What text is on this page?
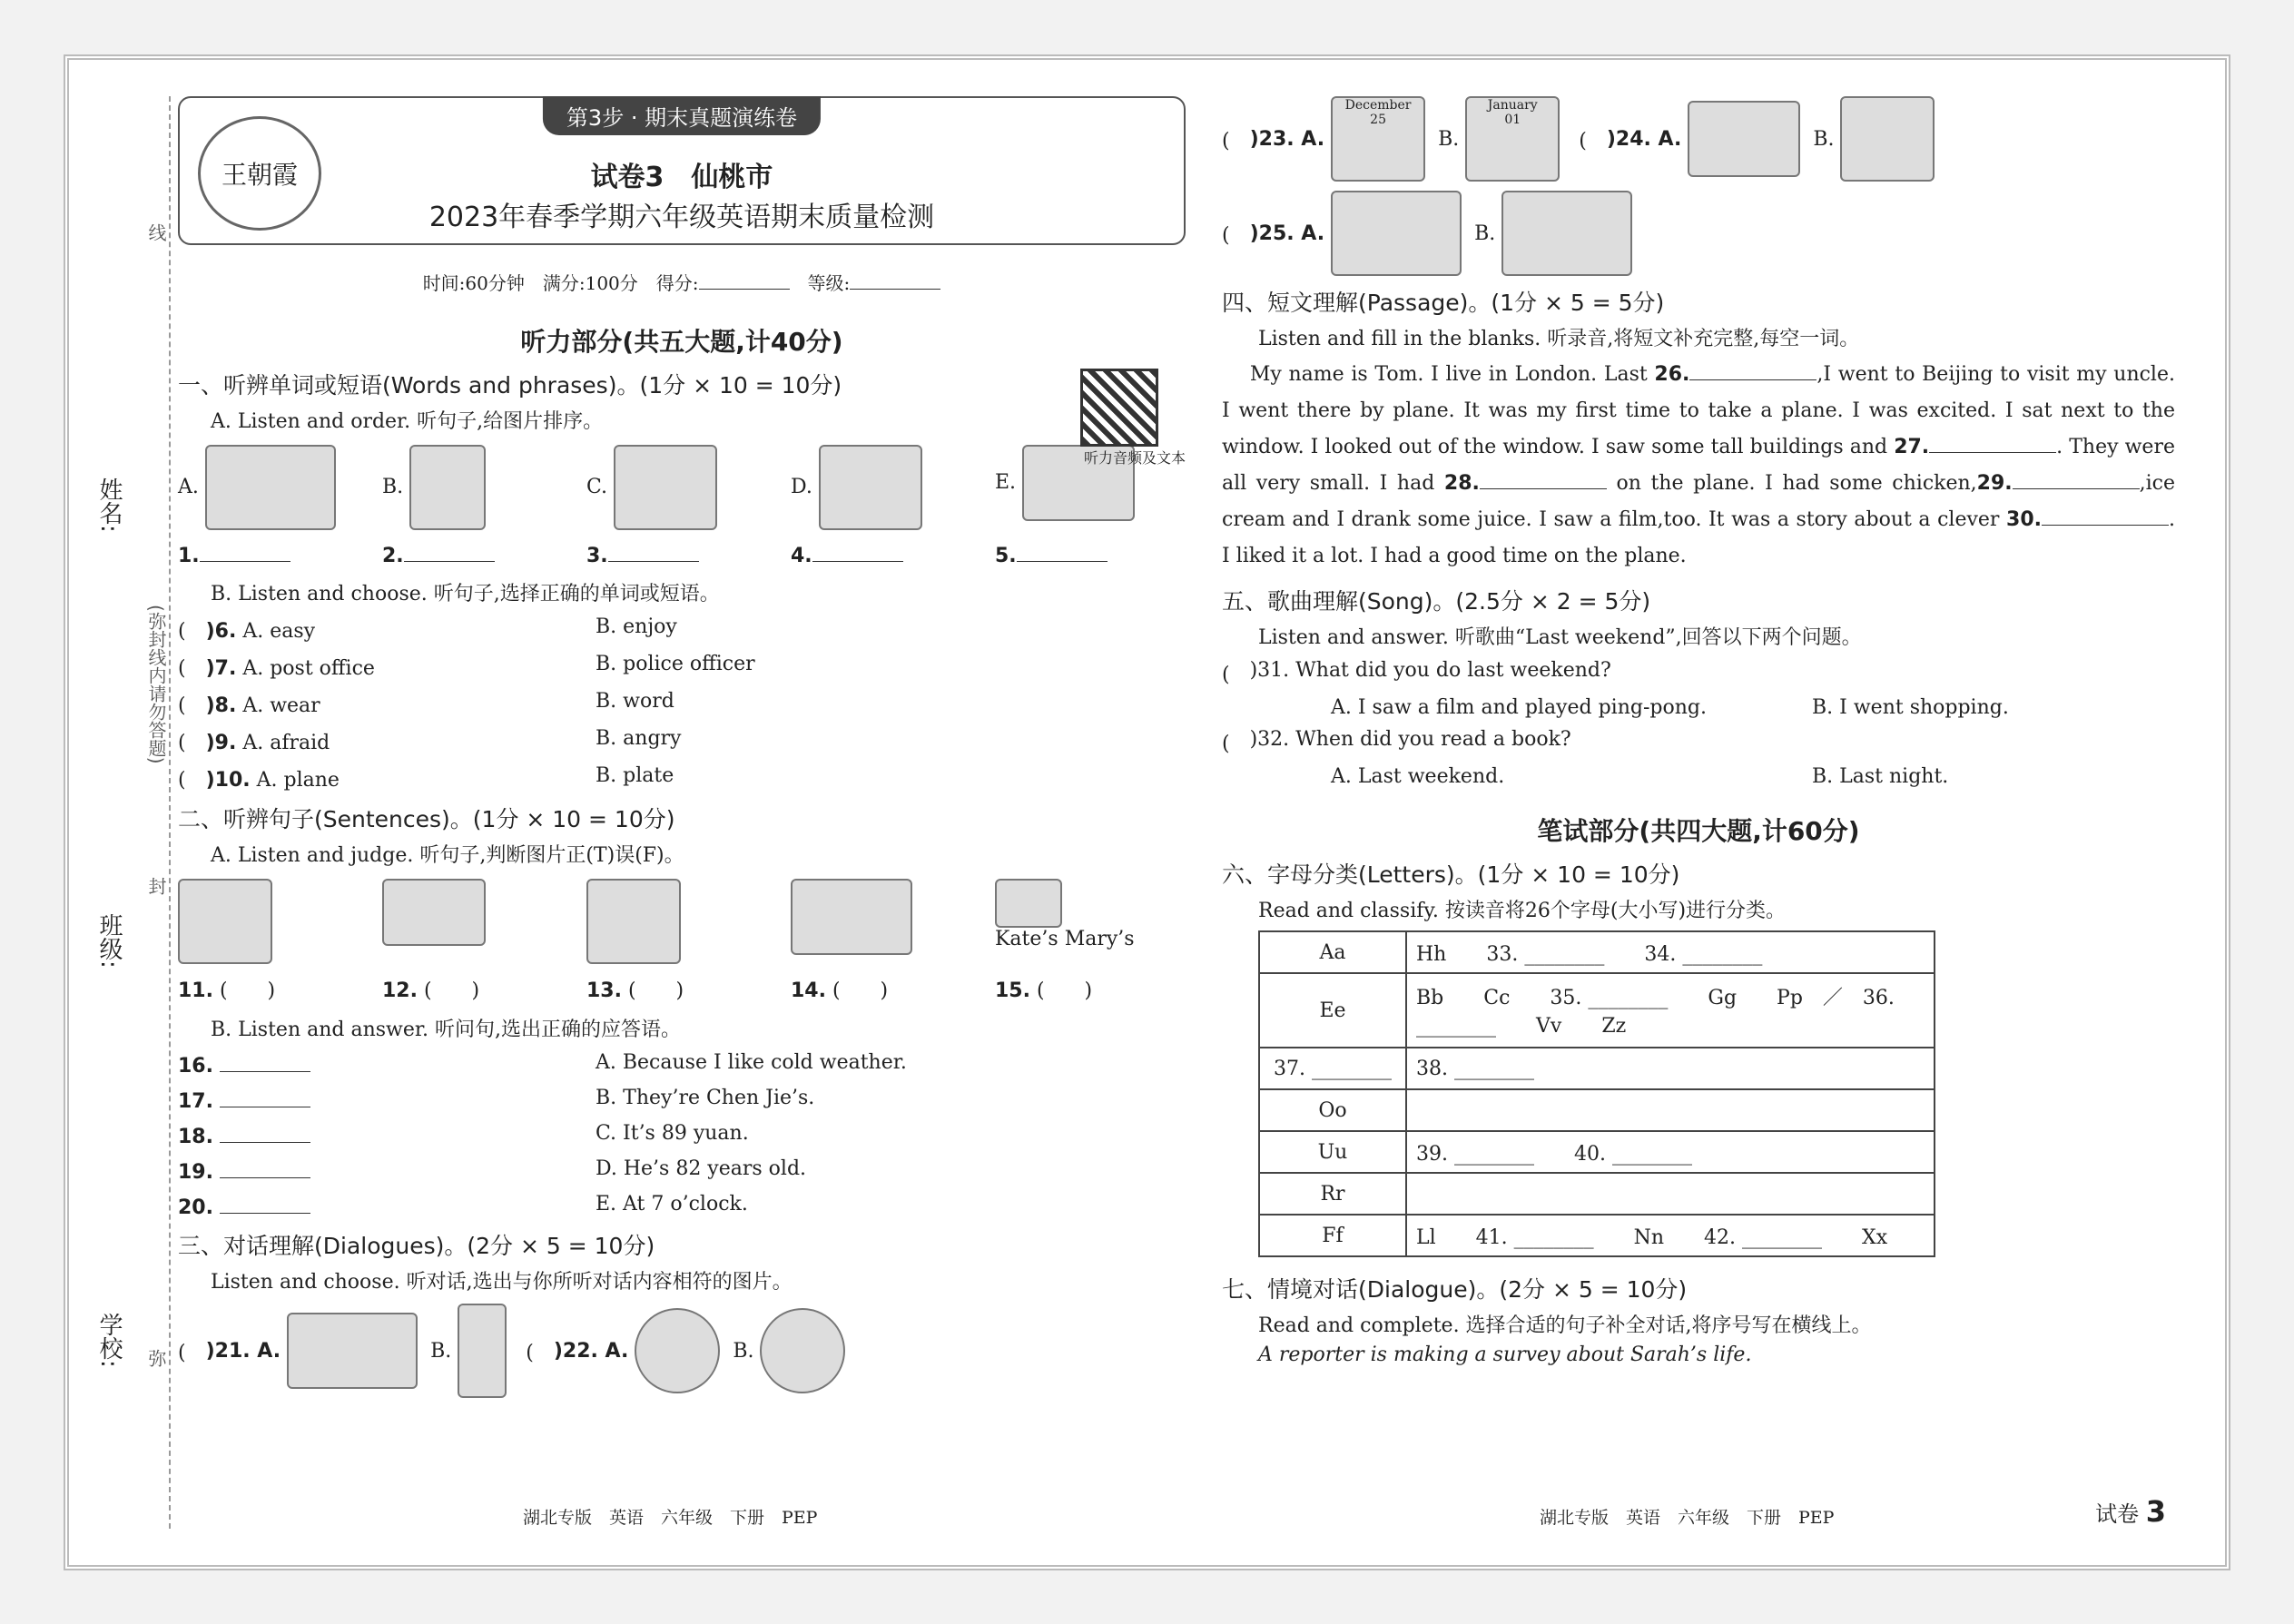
姓名:
班级:
学校:
线
(弥封线内请勿答题)
封
弥
第3步 · 期末真题演练卷
王朝霞	试卷3　仙桃市
2023年春季学期六年级英语期末质量检测
时间:60分钟　 满分:100分　 得分:　	等级:
听力音频及文本
听力部分(共五大题,计40分)
一、听辨单词或短语(Words and phrases)。(1分 × 10 = 10分)
A. Listen and order. 听句子,给图片排序。
A.	B.	C.	D.	E.
1.	2.	3.	4.	5.
B. Listen and choose. 听句子,选择正确的单词或短语。
(　)6. A. easy	B. enjoy
(　)7. A. post office	B. police officer
(　)8. A. wear	B. word
(　)9. A. afraid	B. angry
(　)10. A. plane	B. plate
二、听辨句子(Sentences)。(1分 × 10 = 10分)
A. Listen and judge. 听句子,判断图片正(T)误(F)。

Kate’s Mary’s
11. (　　)	12. (　　)	13. (　　)	14. (　　)	15. (　　)
B. Listen and answer. 听问句,选出正确的应答语。
16.	A. Because I like cold weather.
17.	B. They’re Chen Jie’s.
18.	C. It’s 89 yuan.
19.	D. He’s 82 years old.
20.	E. At 7 o’clock.
三、对话理解(Dialogues)。(2分 × 5 = 10分)
Listen and choose. 听对话,选出与你所听对话内容相符的图片。
(　 )21. A.

	B.
	(　 )22. A.

	B.

湖北专版　英语　六年级　下册　PEP
(　 )23. A.

December
25

B.

January
01
(　 )24. A.

	B.

(　 )25. A.

	B.

四、短文理解(Passage)。(1分 × 5 = 5分)
Listen and fill in the blanks. 听录音,将短文补充完整,每空一词。
My name is Tom. I live in London. Last 26.	,I went to Beijing to visit my uncle. I went there by plane. It was my first time to take a plane. I was excited. I sat next to the window. I looked out of the window. I saw some tall buildings and 27.	. They were all very small. I had 28.	on the plane. I had some chicken,29.	,ice cream and I drank some juice. I saw a film,too. It was a story about a clever 30.	. I liked it a lot. I had a good time on the plane.
五、歌曲理解(Song)。(2.5分 × 2 = 5分)
Listen and answer. 听歌曲“Last weekend”,回答以下两个问题。
(　 )31. What did you do last weekend?
A. I saw a film and played ping-pong.	B. I went shopping.
(　 )32. When did you read a book?
A. Last weekend.	B. Last night.
笔试部分(共四大题,计60分)
六、字母分类(Letters)。(1分 × 10 = 10分)
Read and classify. 按读音将26个字母(大小写)进行分类。
Aa	Hh　　33. ________　　34. ________
Ee	Bb　　Cc　　35. ________　　Gg　　Pp　／　36. ________　　Vv　　Zz
37. ________	38. ________
Oo	
Uu	39. ________　　40. ________
Rr	
Ff	Ll　　41. ________　　Nn　　42. ________　　Xx
七、情境对话(Dialogue)。(2分 × 5 = 10分)
Read and complete. 选择合适的句子补全对话,将序号写在横线上。
A reporter is making a survey about Sarah’s life.
湖北专版　英语　六年级　下册　PEP	试卷 3
